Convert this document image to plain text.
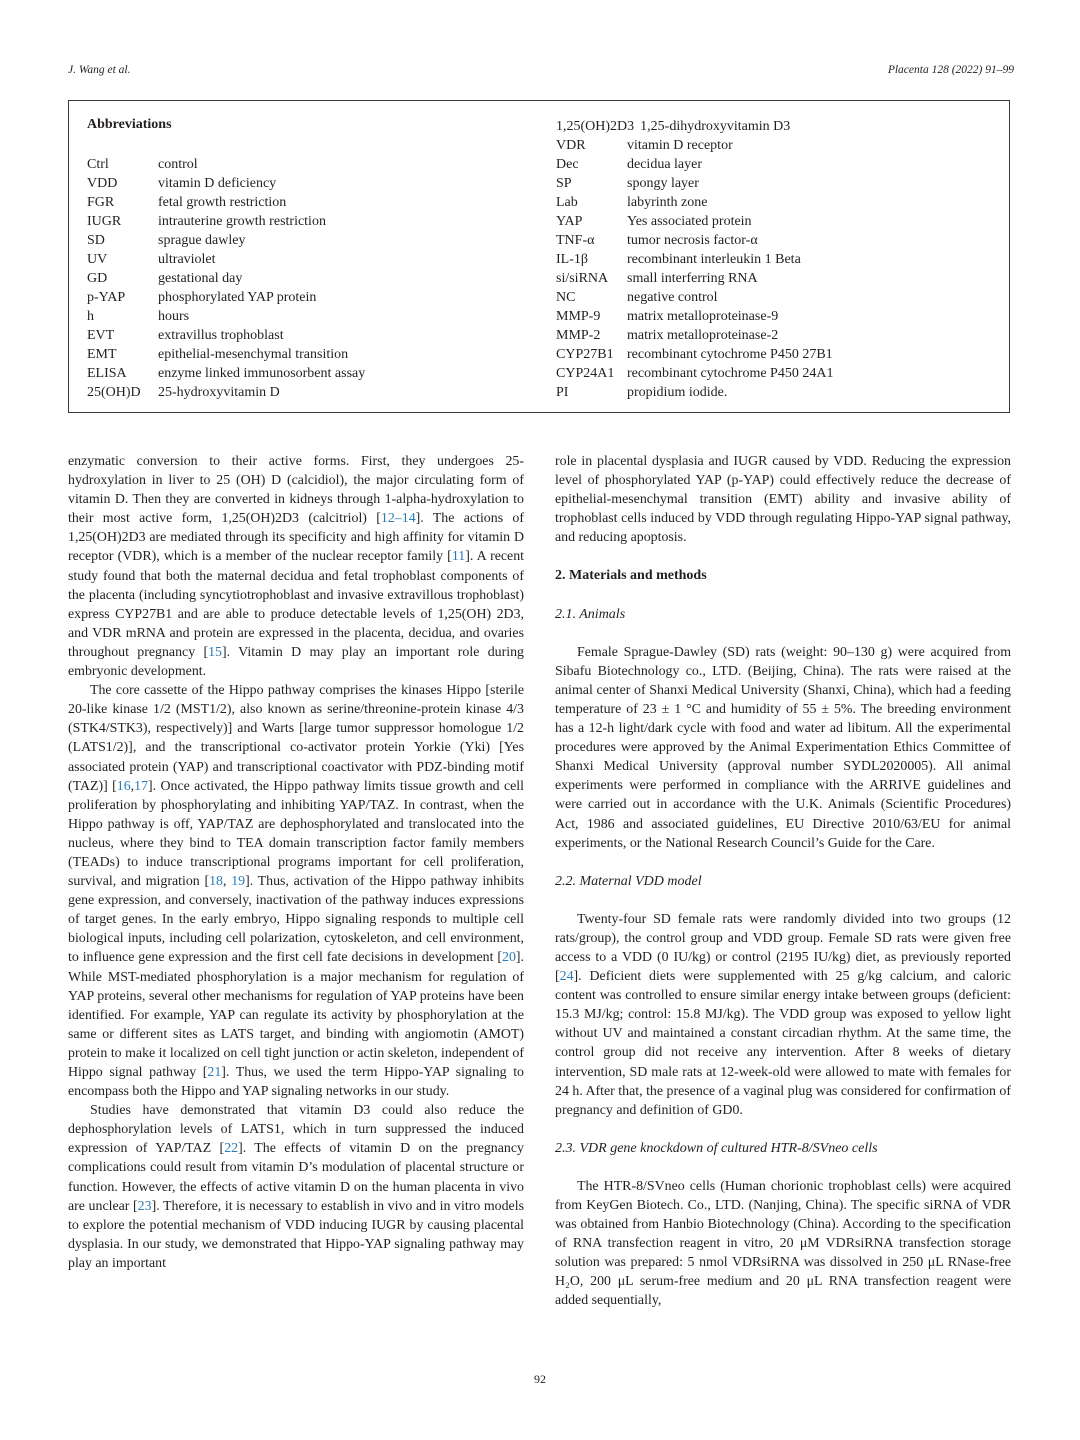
J. Wang et al.	Placenta 128 (2022) 91–99
Abbreviations
Ctrl	control
VDD	vitamin D deficiency
FGR	fetal growth restriction
IUGR	intrauterine growth restriction
SD	sprague dawley
UV	ultraviolet
GD	gestational day
p-YAP	phosphorylated YAP protein
h	hours
EVT	extravillus trophoblast
EMT	epithelial-mesenchymal transition
ELISA	enzyme linked immunosorbent assay
25(OH)D	25-hydroxyvitamin D
1,25(OH)2D3 1,25-dihydroxyvitamin D3
VDR	vitamin D receptor
Dec	decidua layer
SP	spongy layer
Lab	labyrinth zone
YAP	Yes associated protein
TNF-α	tumor necrosis factor-α
IL-1β	recombinant interleukin 1 Beta
si/siRNA	small interferring RNA
NC	negative control
MMP-9	matrix metalloproteinase-9
MMP-2	matrix metalloproteinase-2
CYP27B1 recombinant cytochrome P450 27B1
CYP24A1 recombinant cytochrome P450 24A1
PI	propidium iodide.

enzymatic conversion to their active forms. First, they undergoes 25-hydroxylation in liver to 25 (OH) D (calcidiol), the major circulating form of vitamin D. Then they are converted in kidneys through 1-alpha-hydroxylation to their most active form, 1,25(OH)2D3 (calcitriol) [12–14]. The actions of 1,25(OH)2D3 are mediated through its specificity and high affinity for vitamin D receptor (VDR), which is a member of the nuclear receptor family [11]. A recent study found that both the maternal decidua and fetal trophoblast components of the placenta (including syncytiotrophoblast and invasive extravillous trophoblast) express CYP27B1 and are able to produce detectable levels of 1,25(OH) 2D3, and VDR mRNA and protein are expressed in the placenta, decidua, and ovaries throughout pregnancy [15]. Vitamin D may play an important role during embryonic development.

The core cassette of the Hippo pathway comprises the kinases Hippo [sterile 20-like kinase 1/2 (MST1/2), also known as serine/threonine-protein kinase 4/3 (STK4/STK3), respectively)] and Warts [large tumor suppressor homologue 1/2 (LATS1/2)], and the transcriptional co-activator protein Yorkie (Yki) [Yes associated protein (YAP) and transcriptional coactivator with PDZ-binding motif (TAZ)] [16,17]. Once activated, the Hippo pathway limits tissue growth and cell proliferation by phosphorylating and inhibiting YAP/TAZ. In contrast, when the Hippo pathway is off, YAP/TAZ are dephosphorylated and translocated into the nucleus, where they bind to TEA domain transcription factor family members (TEADs) to induce transcriptional programs important for cell proliferation, survival, and migration [18, 19]. Thus, activation of the Hippo pathway inhibits gene expression, and conversely, inactivation of the pathway induces expressions of target genes. In the early embryo, Hippo signaling responds to multiple cell biological inputs, including cell polarization, cytoskeleton, and cell environment, to influence gene expression and the first cell fate decisions in development [20]. While MST-mediated phosphorylation is a major mechanism for regulation of YAP proteins, several other mechanisms for regulation of YAP proteins have been identified. For example, YAP can regulate its activity by phosphorylation at the same or different sites as LATS target, and binding with angiomotin (AMOT) protein to make it localized on cell tight junction or actin skeleton, independent of Hippo signal pathway [21]. Thus, we used the term Hippo-YAP signaling to encompass both the Hippo and YAP signaling networks in our study.

Studies have demonstrated that vitamin D3 could also reduce the dephosphorylation levels of LATS1, which in turn suppressed the induced expression of YAP/TAZ [22]. The effects of vitamin D on the pregnancy complications could result from vitamin D’s modulation of placental structure or function. However, the effects of active vitamin D on the human placenta in vivo are unclear [23]. Therefore, it is necessary to establish in vivo and in vitro models to explore the potential mechanism of VDD inducing IUGR by causing placental dysplasia. In our study, we demonstrated that Hippo-YAP signaling pathway may play an important

role in placental dysplasia and IUGR caused by VDD. Reducing the expression level of phosphorylated YAP (p-YAP) could effectively reduce the decrease of epithelial-mesenchymal transition (EMT) ability and invasive ability of trophoblast cells induced by VDD through regulating Hippo-YAP signal pathway, and reducing apoptosis.

2. Materials and methods
2.1. Animals

Female Sprague-Dawley (SD) rats (weight: 90–130 g) were acquired from Sibafu Biotechnology co., LTD. (Beijing, China). The rats were raised at the animal center of Shanxi Medical University (Shanxi, China), which had a feeding temperature of 23 ± 1 °C and humidity of 55 ± 5%. The breeding environment has a 12-h light/dark cycle with food and water ad libitum. All the experimental procedures were approved by the Animal Experimentation Ethics Committee of Shanxi Medical University (approval number SYDL2020005). All animal experiments were performed in compliance with the ARRIVE guidelines and were carried out in accordance with the U.K. Animals (Scientific Procedures) Act, 1986 and associated guidelines, EU Directive 2010/63/EU for animal experiments, or the National Research Council’s Guide for the Care.

2.2. Maternal VDD model

Twenty-four SD female rats were randomly divided into two groups (12 rats/group), the control group and VDD group. Female SD rats were given free access to a VDD (0 IU/kg) or control (2195 IU/kg) diet, as previously reported [24]. Deficient diets were supplemented with 25 g/kg calcium, and caloric content was controlled to ensure similar energy intake between groups (deficient: 15.3 MJ/kg; control: 15.8 MJ/kg). The VDD group was exposed to yellow light without UV and maintained a constant circadian rhythm. At the same time, the control group did not receive any intervention. After 8 weeks of dietary intervention, SD male rats at 12-week-old were allowed to mate with females for 24 h. After that, the presence of a vaginal plug was considered for confirmation of pregnancy and definition of GD0.

2.3. VDR gene knockdown of cultured HTR-8/SVneo cells

The HTR-8/SVneo cells (Human chorionic trophoblast cells) were acquired from KeyGen Biotech. Co., LTD. (Nanjing, China). The specific siRNA of VDR was obtained from Hanbio Biotechnology (China). According to the specification of RNA transfection reagent in vitro, 20 μM VDRsiRNA transfection storage solution was prepared: 5 nmol VDRsiRNA was dissolved in 250 μL RNase-free H₂O, 200 μL serum-free medium and 20 μL RNA transfection reagent were added sequentially,

92
